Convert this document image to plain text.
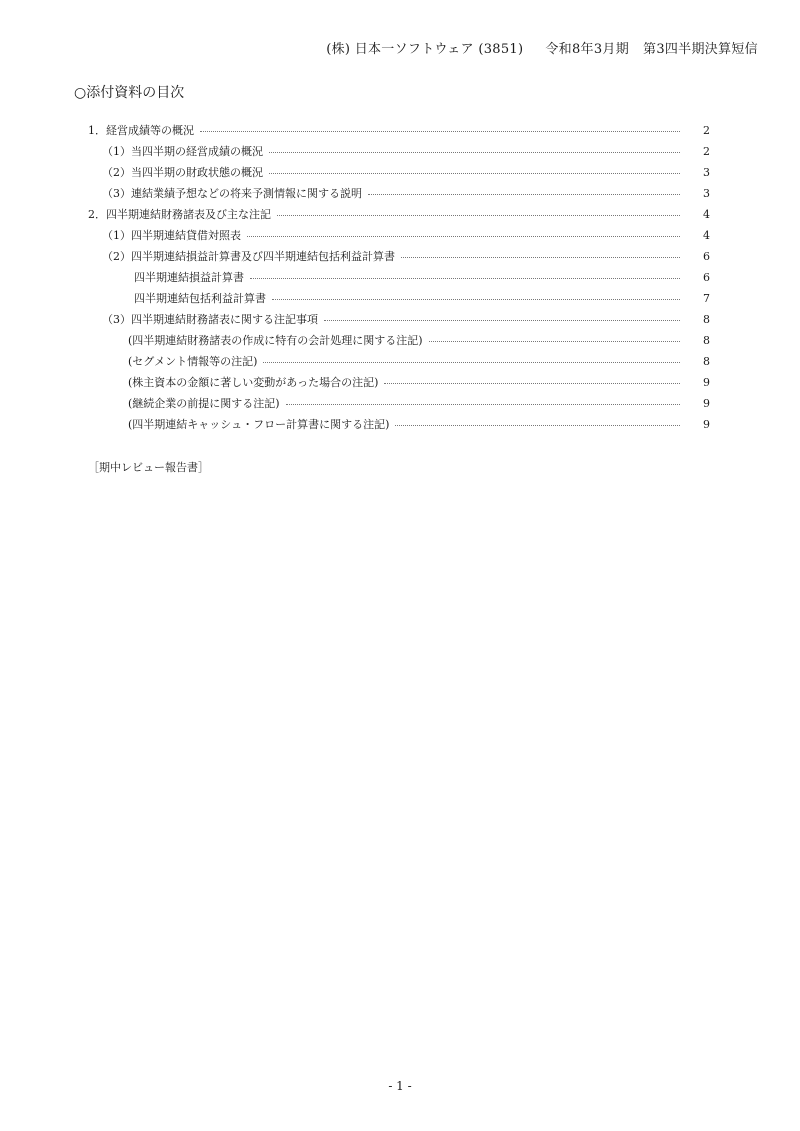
(株) 日本一ソフトウェア (3851) 令和8年3月期 第3四半期決算短信
○添付資料の目次
1．経営成績等の概況	2
（1）当四半期の経営成績の概況	2
（2）当四半期の財政状態の概況	3
（3）連結業績予想などの将来予測情報に関する説明	3
2．四半期連結財務諸表及び主な注記	4
（1）四半期連結貸借対照表	4
（2）四半期連結損益計算書及び四半期連結包括利益計算書	6
四半期連結損益計算書	6
四半期連結包括利益計算書	7
（3）四半期連結財務諸表に関する注記事項	8
(四半期連結財務諸表の作成に特有の会計処理に関する注記)	8
(セグメント情報等の注記)	8
(株主資本の金額に著しい変動があった場合の注記)	9
(継続企業の前提に関する注記)	9
(四半期連結キャッシュ・フロー計算書に関する注記)	9
［期中レビュー報告書］
- 1 -
